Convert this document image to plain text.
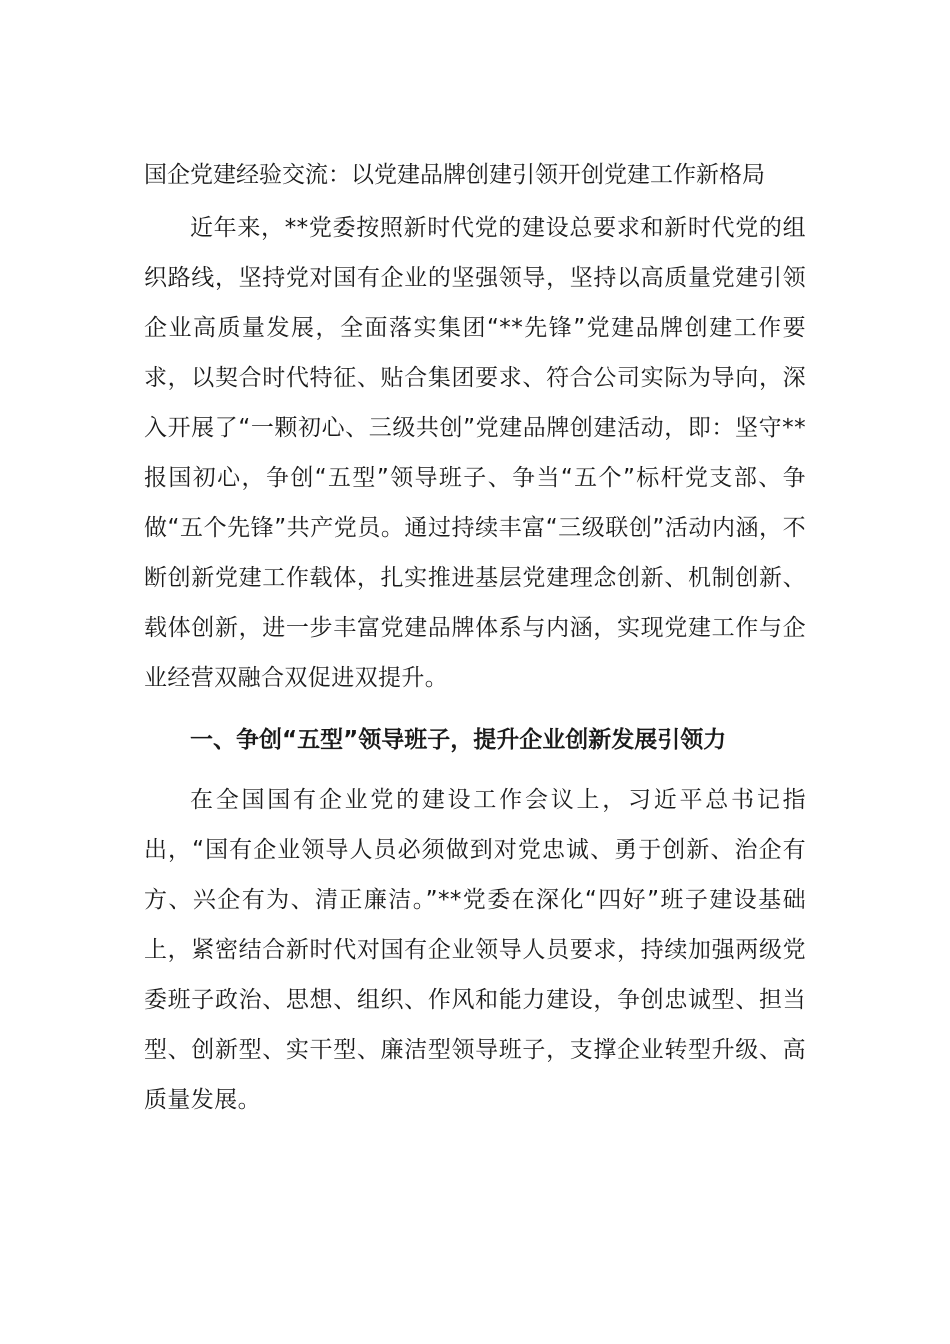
国企党建经验交流：以党建品牌创建引领开创党建工作新格局

近年来，**党委按照新时代党的建设总要求和新时代党的组织路线，坚持党对国有企业的坚强领导，坚持以高质量党建引领企业高质量发展，全面落实集团“**先锋”党建品牌创建工作要求，以契合时代特征、贴合集团要求、符合公司实际为导向，深入开展了“一颗初心、三级共创”党建品牌创建活动，即：坚守**报国初心，争创“五型”领导班子、争当“五个”标杆党支部、争做“五个先锋”共产党员。通过持续丰富“三级联创”活动内涵，不断创新党建工作载体，扎实推进基层党建理念创新、机制创新、载体创新，进一步丰富党建品牌体系与内涵，实现党建工作与企业经营双融合双促进双提升。

一、争创“五型”领导班子，提升企业创新发展引领力

在全国国有企业党的建设工作会议上，习近平总书记指出，“国有企业领导人员必须做到对党忠诚、勇于创新、治企有方、兴企有为、清正廉洁。”**党委在深化“四好”班子建设基础上，紧密结合新时代对国有企业领导人员要求，持续加强两级党委班子政治、思想、组织、作风和能力建设，争创忠诚型、担当型、创新型、实干型、廉洁型领导班子，支撑企业转型升级、高质量发展。
